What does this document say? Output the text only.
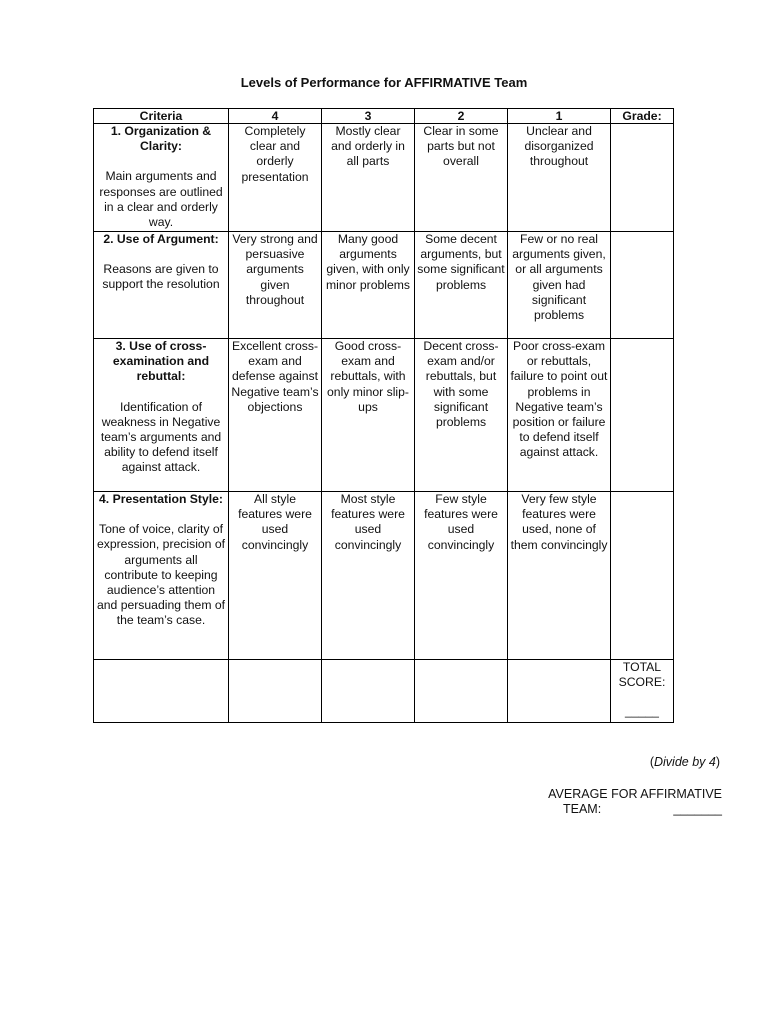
Levels of Performance for AFFIRMATIVE Team
Criteria	4	3	2	1	Grade:

1. Organization & Clarity:
Main arguments and responses are outlined in a clear and orderly way.	Completely clear and orderly presentation	Mostly clear and orderly in all parts	Clear in some parts but not overall	Unclear and disorganized throughout	

2. Use of Argument:
Reasons are given to support the resolution	Very strong and persuasive arguments given throughout	Many good arguments given, with only minor problems	Some decent arguments, but some significant problems	Few or no real arguments given, or all arguments given had significant problems	

3. Use of cross-examination and rebuttal:
Identification of weakness in Negative team’s arguments and ability to defend itself against attack.	Excellent cross-exam and defense against Negative team’s objections	Good cross-exam and rebuttals, with only minor slip-ups	Decent cross-exam and/or rebuttals, but with some significant problems	Poor cross-exam or rebuttals, failure to point out problems in Negative team’s position or failure to defend itself against attack.	

4. Presentation Style:
Tone of voice, clarity of expression, precision of arguments all contribute to keeping audience’s attention and persuading them of the team’s case.	All style features were used convincingly	Most style features were used convincingly	Few style features were used convincingly	Very few style features were used, none of them convincingly	

					TOTAL SCORE:
_____
(Divide by 4)
AVERAGE FOR AFFIRMATIVE
TEAM:	_______
